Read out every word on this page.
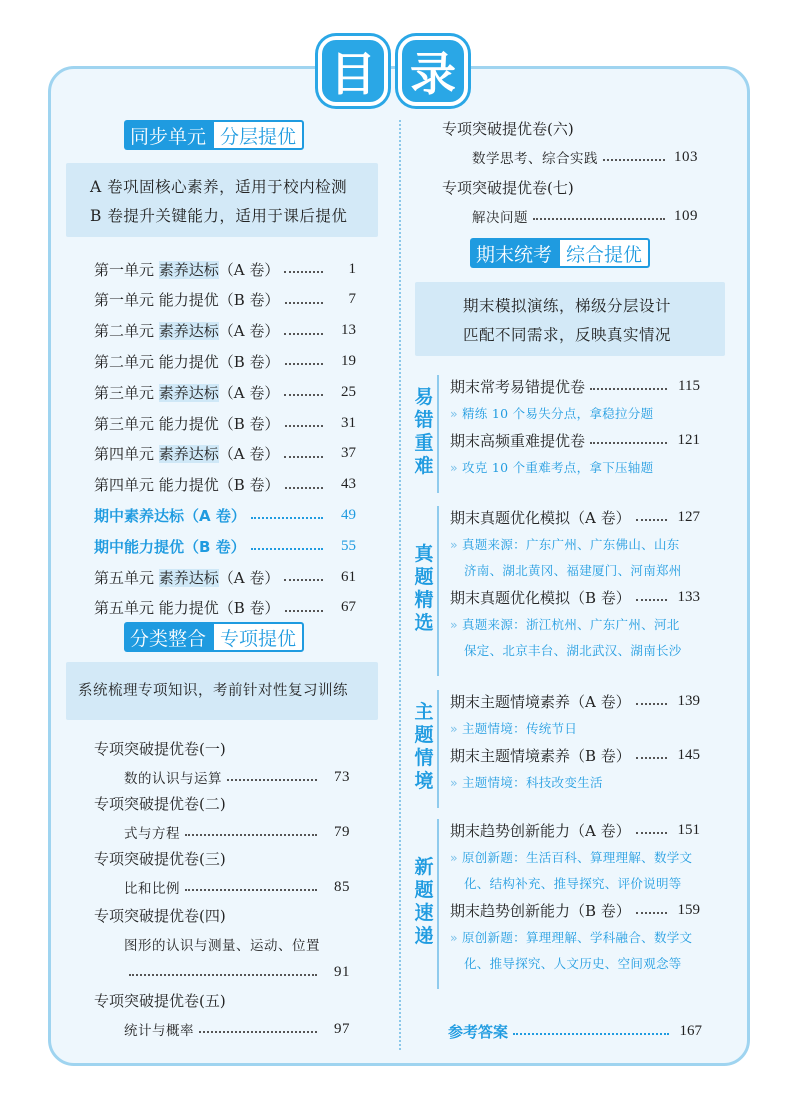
目 录
同步单元 分层提优
A 卷巩固核心素养，适用于校内检测
B 卷提升关键能力，适用于课后提优
第一单元 素养达标（A 卷）	1
第一单元 能力提优（B 卷）	7
第二单元 素养达标（A 卷）	13
第二单元 能力提优（B 卷）	19
第三单元 素养达标（A 卷）	25
第三单元 能力提优（B 卷）	31
第四单元 素养达标（A 卷）	37
第四单元 能力提优（B 卷）	43
期中素养达标（A 卷）	49
期中能力提优（B 卷）	55
第五单元 素养达标（A 卷）	61
第五单元 能力提优（B 卷）	67
分类整合 专项提优
系统梳理专项知识，考前针对性复习训练
专项突破提优卷(一)
数的认识与运算	73
专项突破提优卷(二)
式与方程	79
专项突破提优卷(三)
比和比例	85
专项突破提优卷(四)
图形的认识与测量、运动、位置
91
专项突破提优卷(五)
统计与概率	97
专项突破提优卷(六)
数学思考、综合实践	103
专项突破提优卷(七)
解决问题	109
期末统考 综合提优
期末模拟演练，梯级分层设计
匹配不同需求，反映真实情况
易
错
重
难
期末常考易错提优卷	115
» 精练 10 个易失分点，拿稳拉分题
期末高频重难提优卷	121
» 攻克 10 个重难考点，拿下压轴题
真
题
精
选
期末真题优化模拟（A 卷）	127
» 真题来源：广东广州、广东佛山、山东
济南、湖北黄冈、福建厦门、河南郑州
期末真题优化模拟（B 卷）	133
» 真题来源：浙江杭州、广东广州、河北
保定、北京丰台、湖北武汉、湖南长沙
主
题
情
境
期末主题情境素养（A 卷）	139
» 主题情境：传统节日
期末主题情境素养（B 卷）	145
» 主题情境：科技改变生活
新
题
速
递
期末趋势创新能力（A 卷）	151
» 原创新题：生活百科、算理理解、数学文
化、结构补充、推导探究、评价说明等
期末趋势创新能力（B 卷）	159
» 原创新题：算理理解、学科融合、数学文
化、推导探究、人文历史、空间观念等
参考答案	167
